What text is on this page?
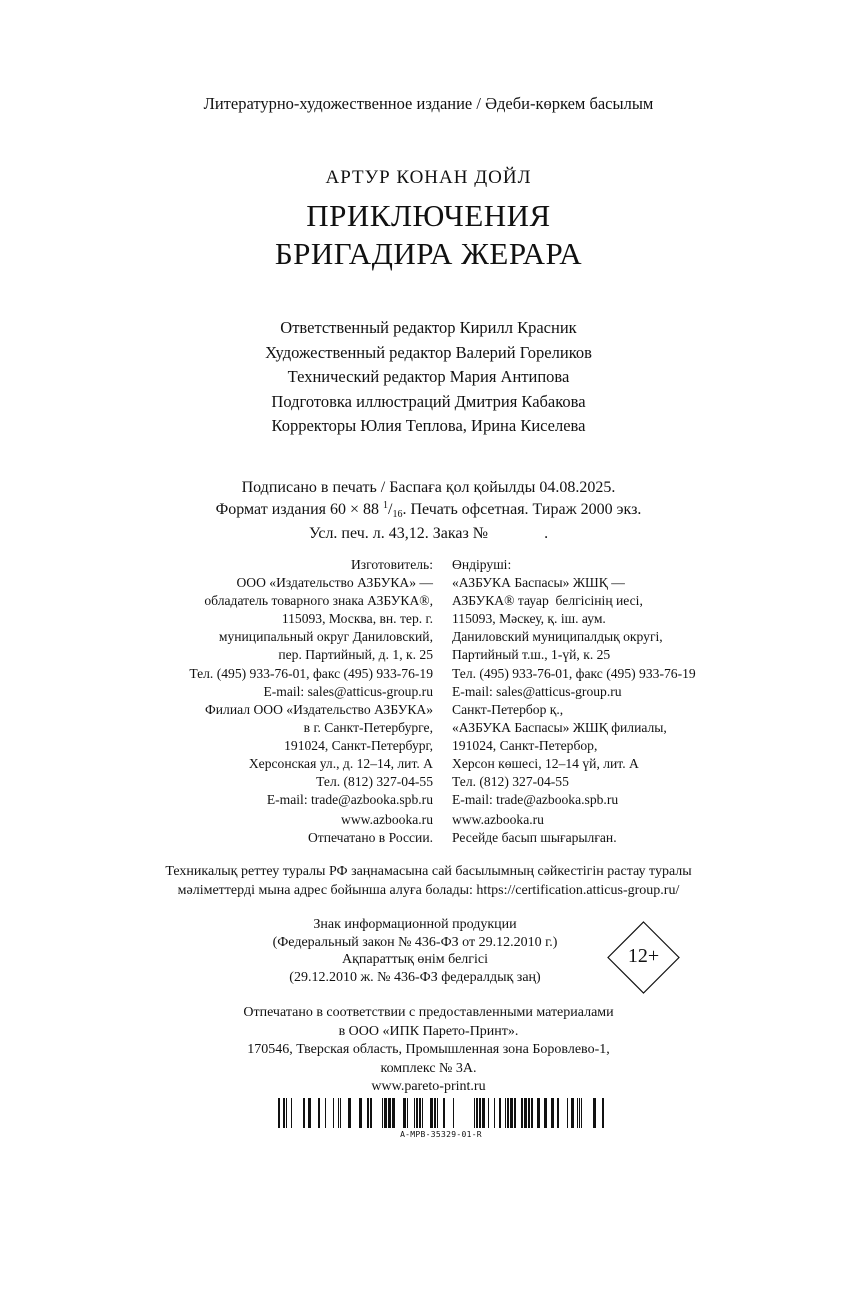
Литературно-художественное издание / Әдеби-көркем басылым
АРТУР КОНАН ДОЙЛ
ПРИКЛЮЧЕНИЯ
БРИГАДИРА ЖЕРАРА
Ответственный редактор Кирилл Красник
Художественный редактор Валерий Гореликов
Технический редактор Мария Антипова
Подготовка иллюстраций Дмитрия Кабакова
Корректоры Юлия Теплова, Ирина Киселева
Подписано в печать / Баспаға қол қойылды 04.08.2025.
Формат издания 60 × 88 $^1$/16. Печать офсетная. Тираж 2000 экз.
Усл. печ. л. 43,12. Заказ №              .
Изготовитель:
ООО «Издательство АЗБУКА» —
обладатель товарного знака АЗБУКА®,
115093, Москва, вн. тер. г.
муниципальный округ Даниловский,
пер. Партийный, д. 1, к. 25
Тел. (495) 933-76-01, факс (495) 933-76-19
E-mail: sales@atticus-group.ru
Өндіруші:
«АЗБУКА Баспасы» ЖШҚ —
АЗБУКА® тауар  белгісінің иесі,
115093, Мәскеу, қ. іш. аум.
Даниловский муниципалдық округі,
Партийный т.ш., 1-үй, к. 25
Тел. (495) 933-76-01, факс (495) 933-76-19
E-mail: sales@atticus-group.ru
Филиал ООО «Издательство АЗБУКА»
в г. Санкт-Петербурге,
191024, Санкт-Петербург,
Херсонская ул., д. 12–14, лит. А
Тел. (812) 327-04-55
E-mail: trade@azbooka.spb.ru
Санкт-Петербор қ.,
«АЗБУКА Баспасы» ЖШҚ филиалы,
191024, Санкт-Петербор,
Херсон көшесі, 12–14 үй, лит. А
Тел. (812) 327-04-55
E-mail: trade@azbooka.spb.ru
www.azbooka.ru
Отпечатано в России.
www.azbooka.ru
Ресейде басып шығарылған.
Техникалық реттеу туралы РФ заңнамасына сай басылымның сәйкестігін растау туралы
мәліметтерді мына адрес бойынша алуға болады: https://certification.atticus-group.ru/
Знак информационной продукции
(Федеральный закон № 436-ФЗ от 29.12.2010 г.)
Ақпараттық өнім белгісі
(29.12.2010 ж. № 436-ФЗ федералдық заң)
12+
Отпечатано в соответствии с предоставленными материалами
в ООО «ИПК Парето-Принт».
170546, Тверская область, Промышленная зона Боровлево-1,
комплекс № 3А.
www.pareto-print.ru
A-MPB-35329-01-R
